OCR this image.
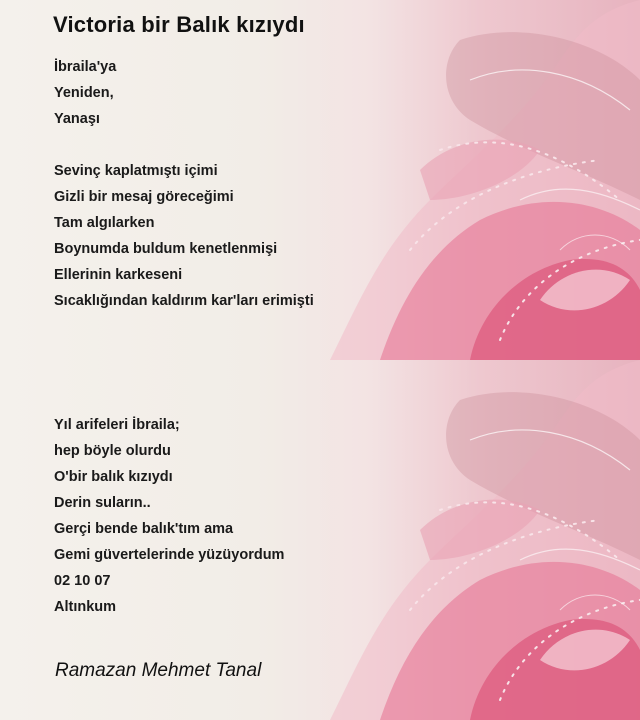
Victoria bir Balık kızıydı
İbraila'ya
Yeniden,
Yanaşı
Sevinç kaplatmıştı içimi
Gizli bir mesaj göreceğimi
Tam algılarken
Boynumda buldum kenetlenmişi
Ellerinin karkeseni
Sıcaklığından kaldırım kar'ları erimişti
Yıl arifeleri İbraila;
hep böyle olurdu
O'bir balık kızıydı
Derin suların..
Gerçi bende balık'tım ama
Gemi güvertelerinde yüzüyordum
02 10 07
Altınkum
Ramazan Mehmet Tanal
